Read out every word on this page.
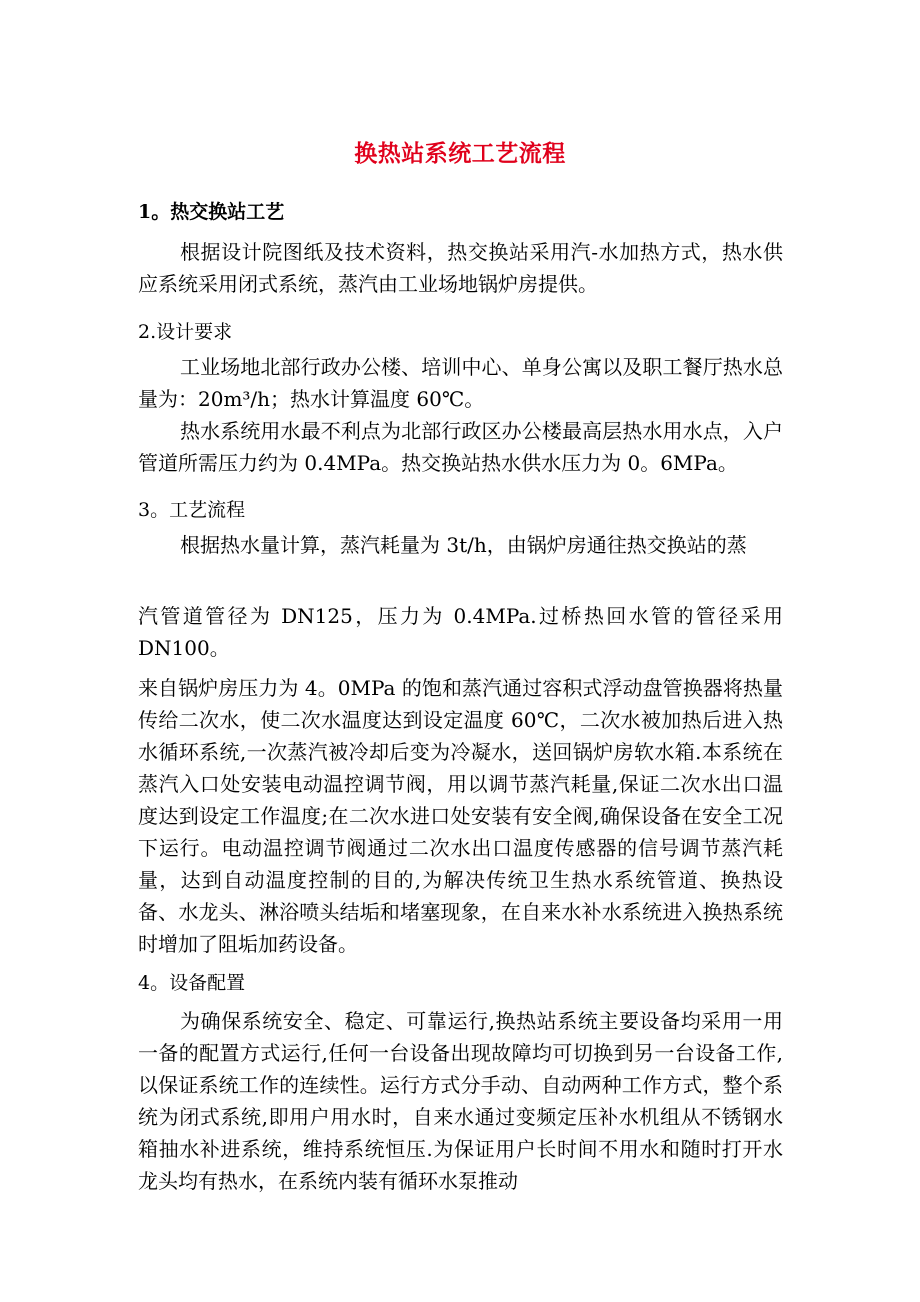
换热站系统工艺流程
1。热交换站工艺
根据设计院图纸及技术资料，热交换站采用汽-水加热方式，热水供应系统采用闭式系统，蒸汽由工业场地锅炉房提供。
2.设计要求
工业场地北部行政办公楼、培训中心、单身公寓以及职工餐厅热水总量为：20m³/h；热水计算温度 60℃。
热水系统用水最不利点为北部行政区办公楼最高层热水用水点，入户管道所需压力约为 0.4MPa。热交换站热水供水压力为 0。6MPa。
3。工艺流程
根据热水量计算，蒸汽耗量为 3t/h，由锅炉房通往热交换站的蒸
汽管道管径为 DN125，压力为 0.4MPa.过桥热回水管的管径采用 DN100。
来自锅炉房压力为 4。0MPa 的饱和蒸汽通过容积式浮动盘管换器将热量传给二次水，使二次水温度达到设定温度 60℃，二次水被加热后进入热水循环系统,一次蒸汽被冷却后变为冷凝水，送回锅炉房软水箱.本系统在蒸汽入口处安装电动温控调节阀，用以调节蒸汽耗量,保证二次水出口温度达到设定工作温度;在二次水进口处安装有安全阀,确保设备在安全工况下运行。电动温控调节阀通过二次水出口温度传感器的信号调节蒸汽耗量，达到自动温度控制的目的,为解决传统卫生热水系统管道、换热设备、水龙头、淋浴喷头结垢和堵塞现象，在自来水补水系统进入换热系统时增加了阻垢加药设备。
4。设备配置
为确保系统安全、稳定、可靠运行,换热站系统主要设备均采用一用一备的配置方式运行,任何一台设备出现故障均可切换到另一台设备工作,以保证系统工作的连续性。运行方式分手动、自动两种工作方式，整个系统为闭式系统,即用户用水时，自来水通过变频定压补水机组从不锈钢水箱抽水补进系统，维持系统恒压.为保证用户长时间不用水和随时打开水龙头均有热水，在系统内装有循环水泵推动
